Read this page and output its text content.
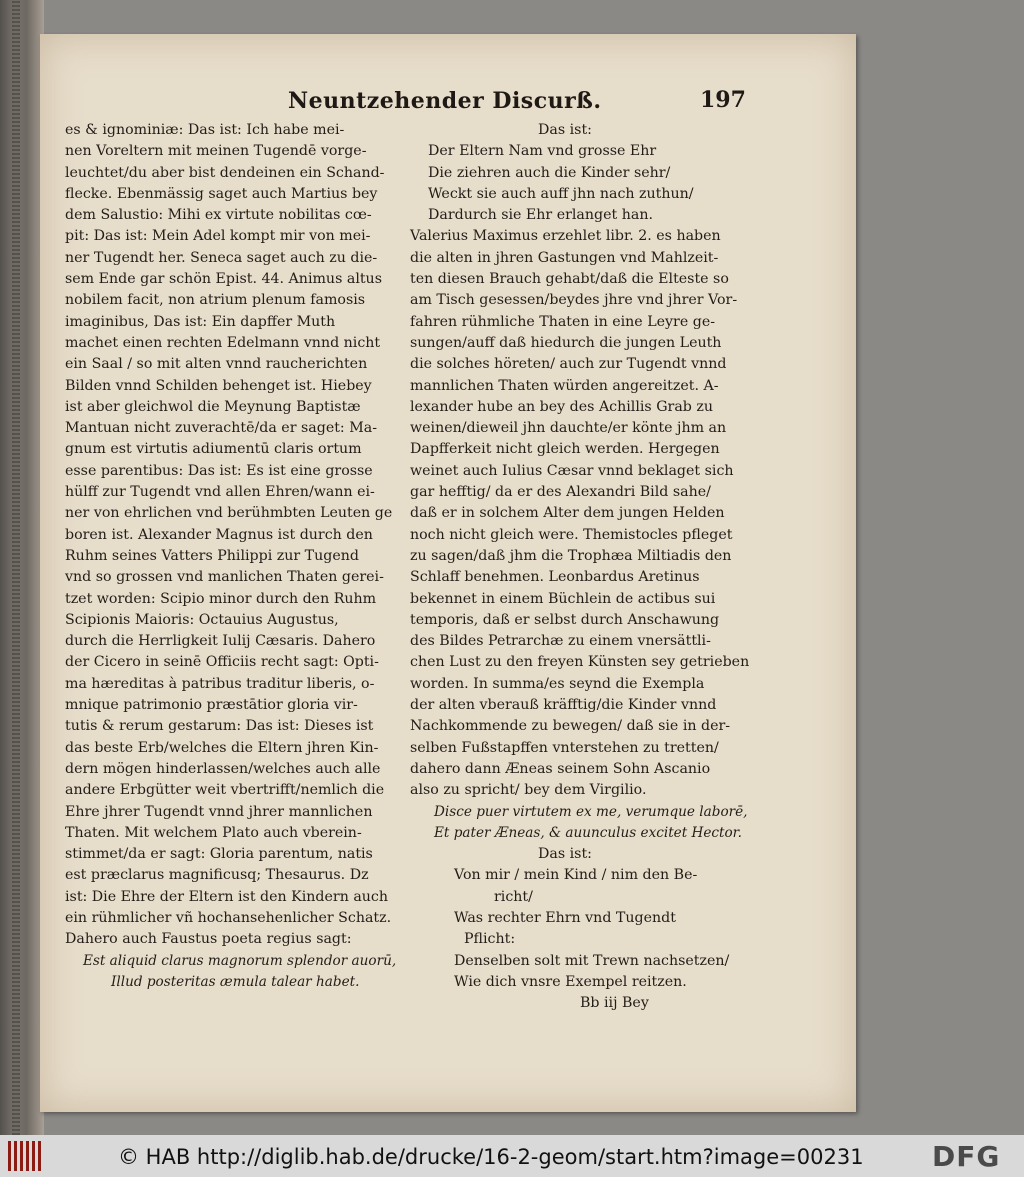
Neuntzehender Discurß.	197
es & ignominiæ: Das ist: Ich habe mei-
nen Voreltern mit meinen Tugendē vorge-
leuchtet/du aber bist dendeinen ein Schand-
flecke. Ebenmässig saget auch Martius bey
dem Salustio: Mihi ex virtute nobilitas cœ-
pit: Das ist: Mein Adel kompt mir von mei-
ner Tugendt her. Seneca saget auch zu die-
sem Ende gar schön Epist. 44. Animus altus
nobilem facit, non atrium plenum famosis
imaginibus, Das ist: Ein dapffer Muth
machet einen rechten Edelmann vnnd nicht
ein Saal / so mit alten vnnd raucherichten
Bilden vnnd Schilden behenget ist. Hiebey
ist aber gleichwol die Meynung Baptistæ
Mantuan nicht zuverachtē/da er saget: Ma-
gnum est virtutis adiumentū claris ortum
esse parentibus: Das ist: Es ist eine grosse
hülff zur Tugendt vnd allen Ehren/wann ei-
ner von ehrlichen vnd berühmbten Leuten ge
boren ist. Alexander Magnus ist durch den
Ruhm seines Vatters Philippi zur Tugend
vnd so grossen vnd manlichen Thaten gerei-
tzet worden: Scipio minor durch den Ruhm
Scipionis Maioris: Octauius Augustus,
durch die Herrligkeit Iulij Cæsaris. Dahero
der Cicero in seinē Officiis recht sagt: Opti-
ma hæreditas à patribus traditur liberis, o-
mnique patrimonio præstātior gloria vir-
tutis & rerum gestarum: Das ist: Dieses ist
das beste Erb/welches die Eltern jhren Kin-
dern mögen hinderlassen/welches auch alle
andere Erbgütter weit vbertrifft/nemlich die
Ehre jhrer Tugendt vnnd jhrer mannlichen
Thaten. Mit welchem Plato auch vberein-
stimmet/da er sagt: Gloria parentum, natis
est præclarus magnificusq; Thesaurus. Dz
ist: Die Ehre der Eltern ist den Kindern auch
ein rühmlicher vñ hochansehenlicher Schatz.
Dahero auch Faustus poeta regius sagt:
Est aliquid clarus magnorum splendor auorū,
Illud posteritas æmula talear habet.
Das ist:
Der Eltern Nam vnd grosse Ehr
Die ziehren auch die Kinder sehr/
Weckt sie auch auff jhn nach zuthun/
Dardurch sie Ehr erlanget han.
Valerius Maximus erzehlet libr. 2. es haben
die alten in jhren Gastungen vnd Mahlzeit-
ten diesen Brauch gehabt/daß die Elteste so
am Tisch gesessen/beydes jhre vnd jhrer Vor-
fahren rühmliche Thaten in eine Leyre ge-
sungen/auff daß hiedurch die jungen Leuth
die solches höreten/ auch zur Tugendt vnnd
mannlichen Thaten würden angereitzet. A-
lexander hube an bey des Achillis Grab zu
weinen/dieweil jhn dauchte/er könte jhm an
Dapfferkeit nicht gleich werden. Hergegen
weinet auch Iulius Cæsar vnnd beklaget sich
gar hefftig/ da er des Alexandri Bild sahe/
daß er in solchem Alter dem jungen Helden
noch nicht gleich were. Themistocles pfleget
zu sagen/daß jhm die Trophæa Miltiadis den
Schlaff benehmen. Leonbardus Aretinus
bekennet in einem Büchlein de actibus sui
temporis, daß er selbst durch Anschawung
des Bildes Petrarchæ zu einem vnersättli-
chen Lust zu den freyen Künsten sey getrieben
worden. In summa/es seynd die Exempla
der alten vberauß kräfftig/die Kinder vnnd
Nachkommende zu bewegen/ daß sie in der-
selben Fußstapffen vnterstehen zu tretten/
dahero dann Æneas seinem Sohn Ascanio
also zu spricht/ bey dem Virgilio.
Disce puer virtutem ex me, verumque laborē,
Et pater Æneas, & auunculus excitet Hector.
Das ist:
Von mir / mein Kind / nim den Be-
richt/
Was rechter Ehrn vnd Tugendt
Pflicht:
Denselben solt mit Trewn nachsetzen/
Wie dich vnsre Exempel reitzen.
Bb iij Bey
© HAB http://diglib.hab.de/drucke/16-2-geom/start.htm?image=00231 DFG
